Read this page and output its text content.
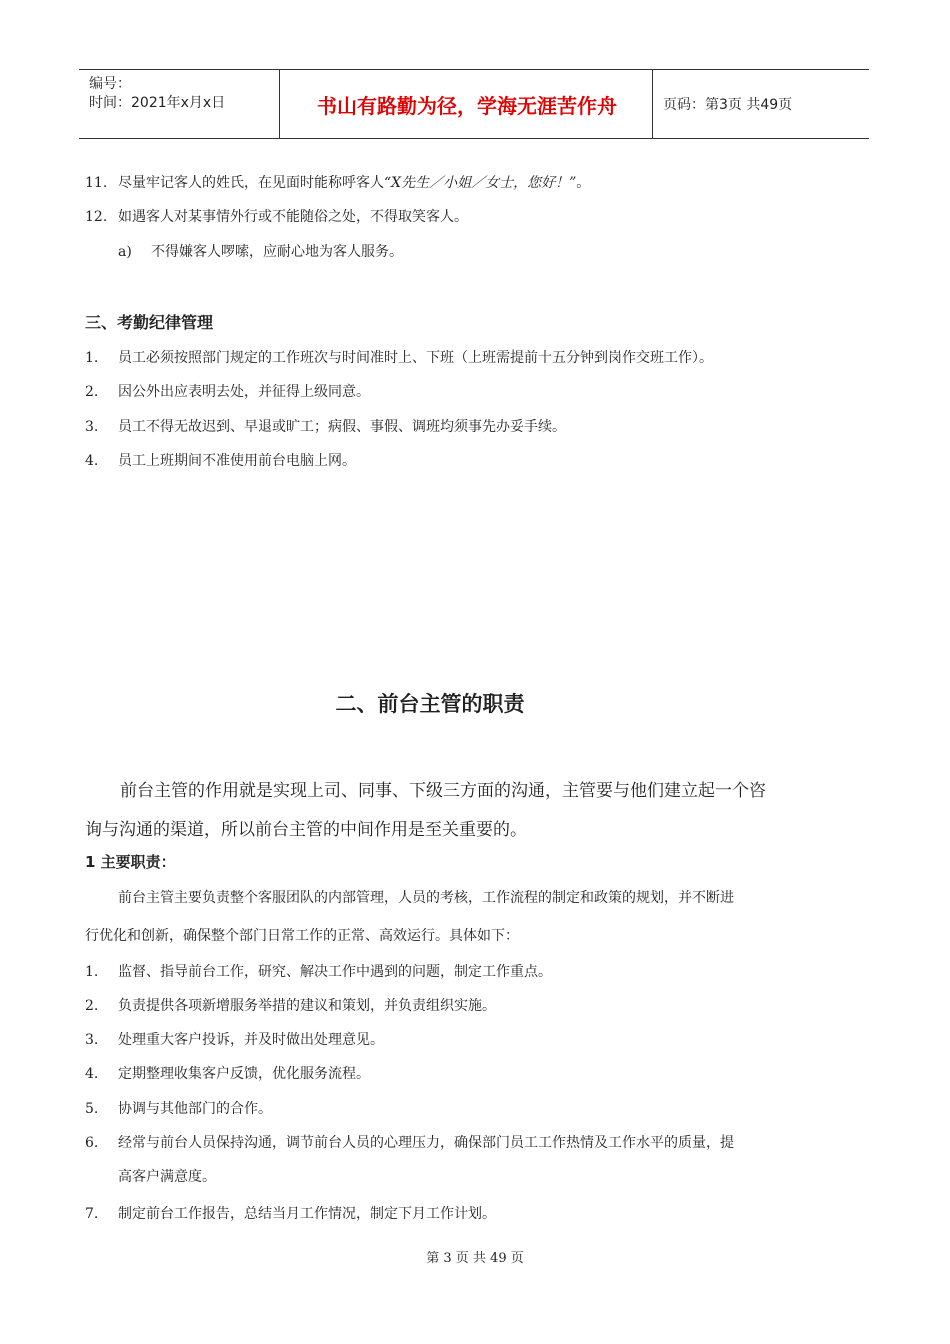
编号：
时间：2021年x月x日	书山有路勤为径，学海无涯苦作舟	页码：第3页 共49页
11. 尽量牢记客人的姓氏，在见面时能称呼客人“X先生／小姐／女士，您好！”。
12. 如遇客人对某事情外行或不能随俗之处，不得取笑客人。
a) 不得嫌客人啰嗦，应耐心地为客人服务。
三、考勤纪律管理
1. 员工必须按照部门规定的工作班次与时间准时上、下班（上班需提前十五分钟到岗作交班工作）。
2. 因公外出应表明去处，并征得上级同意。
3. 员工不得无故迟到、早退或旷工；病假、事假、调班均须事先办妥手续。
4. 员工上班期间不准使用前台电脑上网。
二、前台主管的职责
前台主管的作用就是实现上司、同事、下级三方面的沟通，主管要与他们建立起一个咨
询与沟通的渠道，所以前台主管的中间作用是至关重要的。
1 主要职责：
前台主管主要负责整个客服团队的内部管理，人员的考核，工作流程的制定和政策的规划，并不断进
行优化和创新，确保整个部门日常工作的正常、高效运行。具体如下：
1. 监督、指导前台工作，研究、解决工作中遇到的问题，制定工作重点。
2. 负责提供各项新增服务举措的建议和策划，并负责组织实施。
3. 处理重大客户投诉，并及时做出处理意见。
4. 定期整理收集客户反馈，优化服务流程。
5. 协调与其他部门的合作。
6. 经常与前台人员保持沟通，调节前台人员的心理压力，确保部门员工工作热情及工作水平的质量，提
高客户满意度。
7. 制定前台工作报告，总结当月工作情况，制定下月工作计划。
第 3 页 共 49 页
